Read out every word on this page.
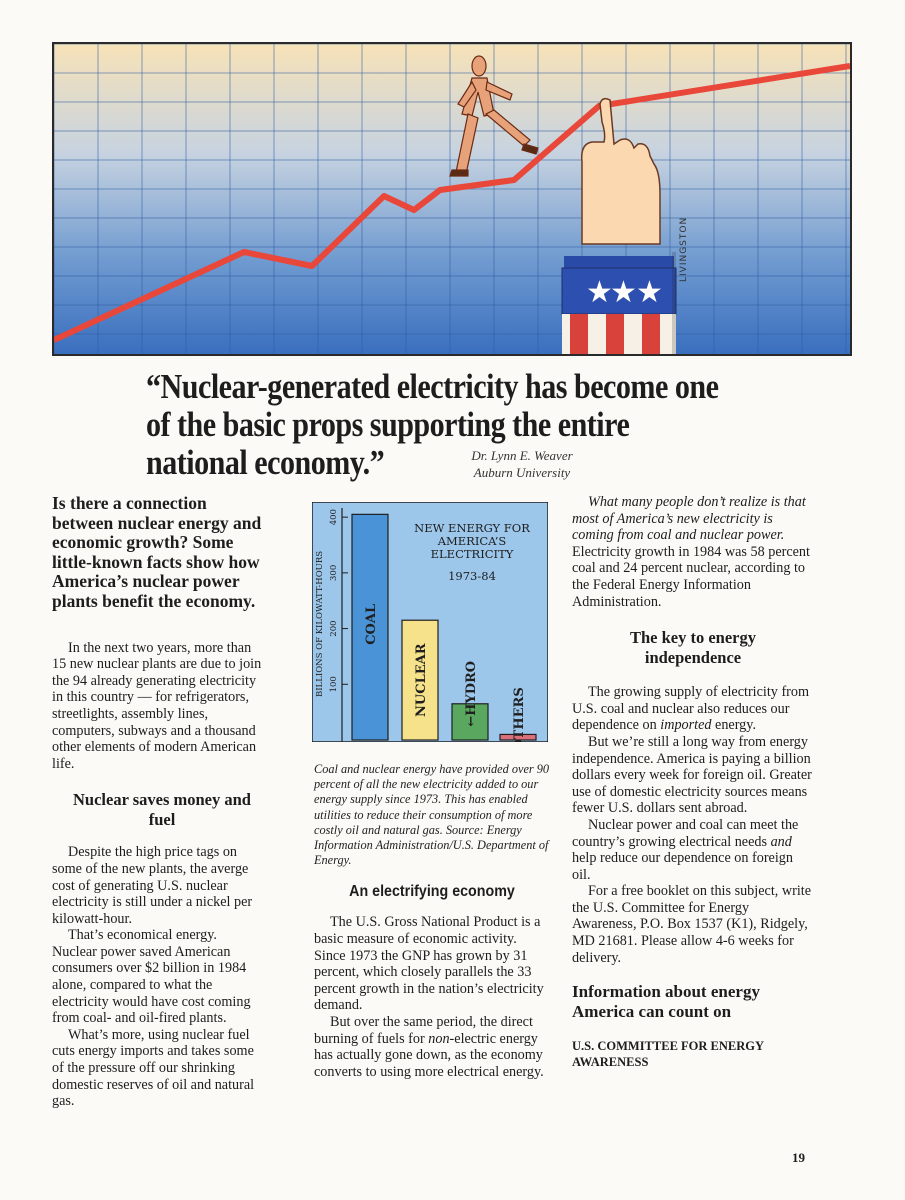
★
★ ★
LIVINGSTON
“Nuclear-generated electricity has become one
of the basic props supporting the entire
national economy.”	Dr. Lynn E. Weaver
Auburn University

Is there a connection between nuclear energy and economic growth? Some little-known facts show how America’s nuclear power plants benefit the economy.

In the next two years, more than 15 new nuclear plants are due to join the 94 already generating electricity in this country — for refrigerators, streetlights, assembly lines, computers, subways and a thousand other elements of modern American life.

Nuclear saves money and fuel

Despite the high price tags on some of the new plants, the averge cost of generating U.S. nuclear electricity is still under a nickel per kilowatt-hour.

That’s economical energy. Nuclear power saved American consumers over $2 billion in 1984 alone, compared to what the electricity would have cost coming from coal- and oil-fired plants.

What’s more, using nuclear fuel cuts energy imports and takes some of the pressure off our shrinking domestic reserves of oil and natural gas.

BILLIONS OF KILOWATT-HOURS 100
200
300
400
COAL
NUCLEAR	←HYDRO	←OTHERS
NEW ENERGY FOR
AMERICA’S
ELECTRICITY
1973-84

Coal and nuclear energy have provided over 90 percent of all the new electricity added to our energy supply since 1973. This has enabled utilities to reduce their consumption of more costly oil and natural gas. Source: Energy Information Administration/U.S. Department of Energy.

An electrifying economy

The U.S. Gross National Product is a basic measure of economic activity. Since 1973 the GNP has grown by 31 percent, which closely parallels the 33 percent growth in the nation’s electricity demand.

But over the same period, the direct burning of fuels for non-electric energy has actually gone down, as the economy converts to using more electrical energy.

What many people don’t realize is that most of America’s new electricity is coming from coal and nuclear power. Electricity growth in 1984 was 58 percent coal and 24 percent nuclear, according to the Federal Energy Information Administration.

The key to energy independence

The growing supply of electricity from U.S. coal and nuclear also reduces our dependence on imported energy.

But we’re still a long way from energy independence. America is paying a billion dollars every week for foreign oil. Greater use of domestic electricity sources means fewer U.S. dollars sent abroad.

Nuclear power and coal can meet the country’s growing electrical needs and help reduce our dependence on foreign oil.

For a free booklet on this subject, write the U.S. Committee for Energy Awareness, P.O. Box 1537 (K1), Ridgely, MD 21681. Please allow 4-6 weeks for delivery.

Information about energy America can count on

U.S. COMMITTEE FOR ENERGY AWARENESS

19
